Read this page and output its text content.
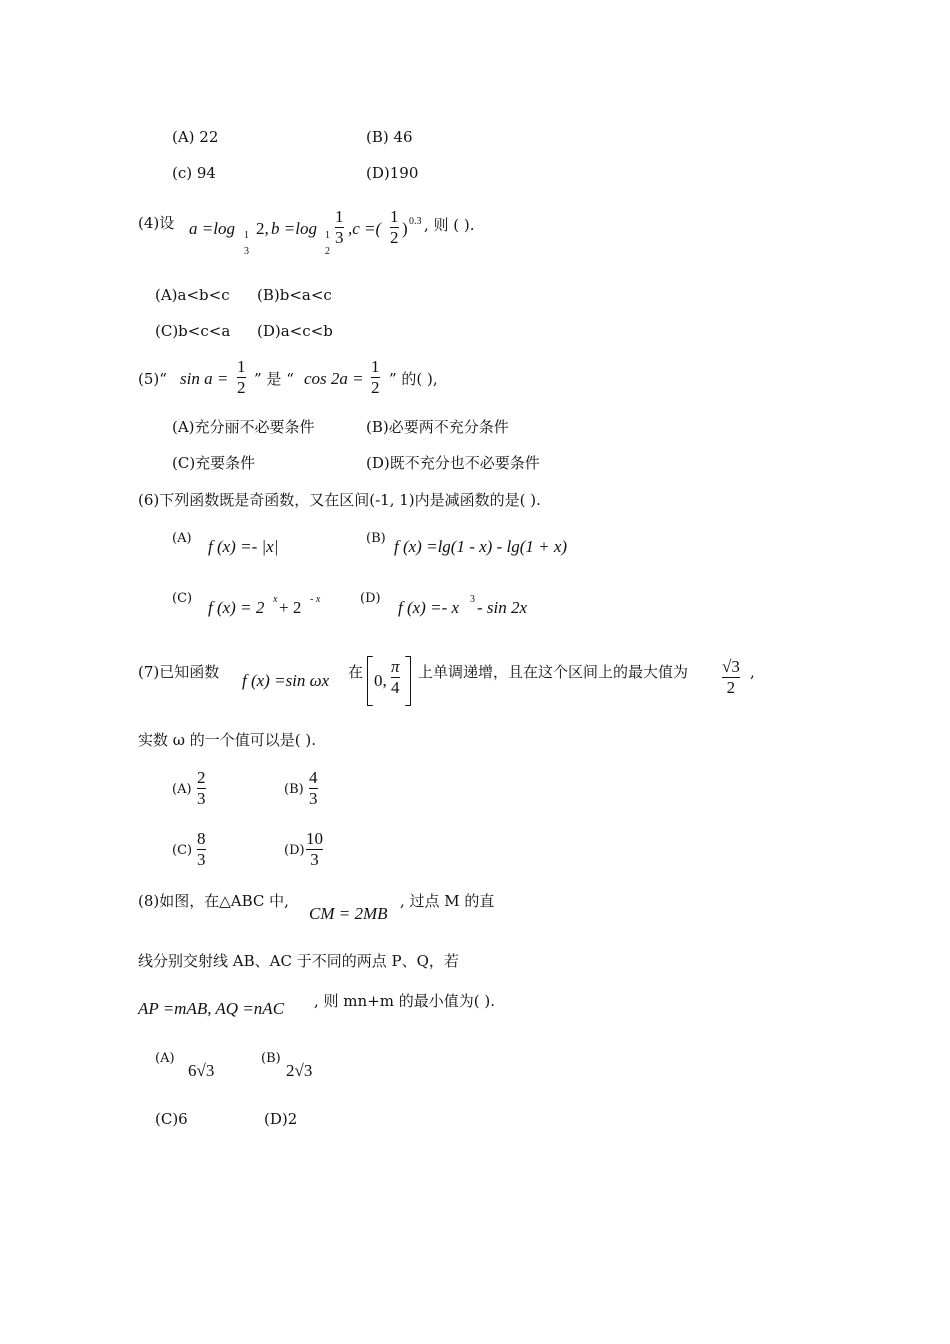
(A) 22	(B) 46
(c) 94	(D)190
(4)设 a =log 1
3
2, b =log 1
2
1
3 ,c =(
1
2 ) 0.3 , 则 ( ).
(A)a<b<c (B)b<a<c
(C)b<c<a (D)a<c<b
(5)“ sin a =
1
2 ” 是 “ cos 2a =
1
2 ” 的( ),
(A)充分丽不必要条件	(B)必要两不充分条件
(C)充要条件	(D)既不充分也不必要条件
(6)下列函数既是奇函数，又在区间(-1, 1)内是减函数的是( ).
(A) f (x) =- |x|	(B) f (x) =lg(1 - x) - lg(1 + x)
(C) f (x) = 2 x + 2 - x	(D) f (x) =- x 3 - sin 2x
(7)已知函数 f (x) =sin ωx 在 0,
π
4
上单调递增，且在这个区间上的最大值为 √3
2
,
实数 ω 的一个值可以是( ).
(A)
2
3	(B)
4
3
(C)
8
3	(D)
10
3
(8)如图，在△ABC 中,
CM = 2MB
, 过点 M 的直
线分别交射线 AB、AC 于不同的两点 P、Q，若
AP =mAB, AQ =nAC , 则 mn+m 的最小值为( ).
(A)
6√3
(B)
2√3
(C)6	(D)2
